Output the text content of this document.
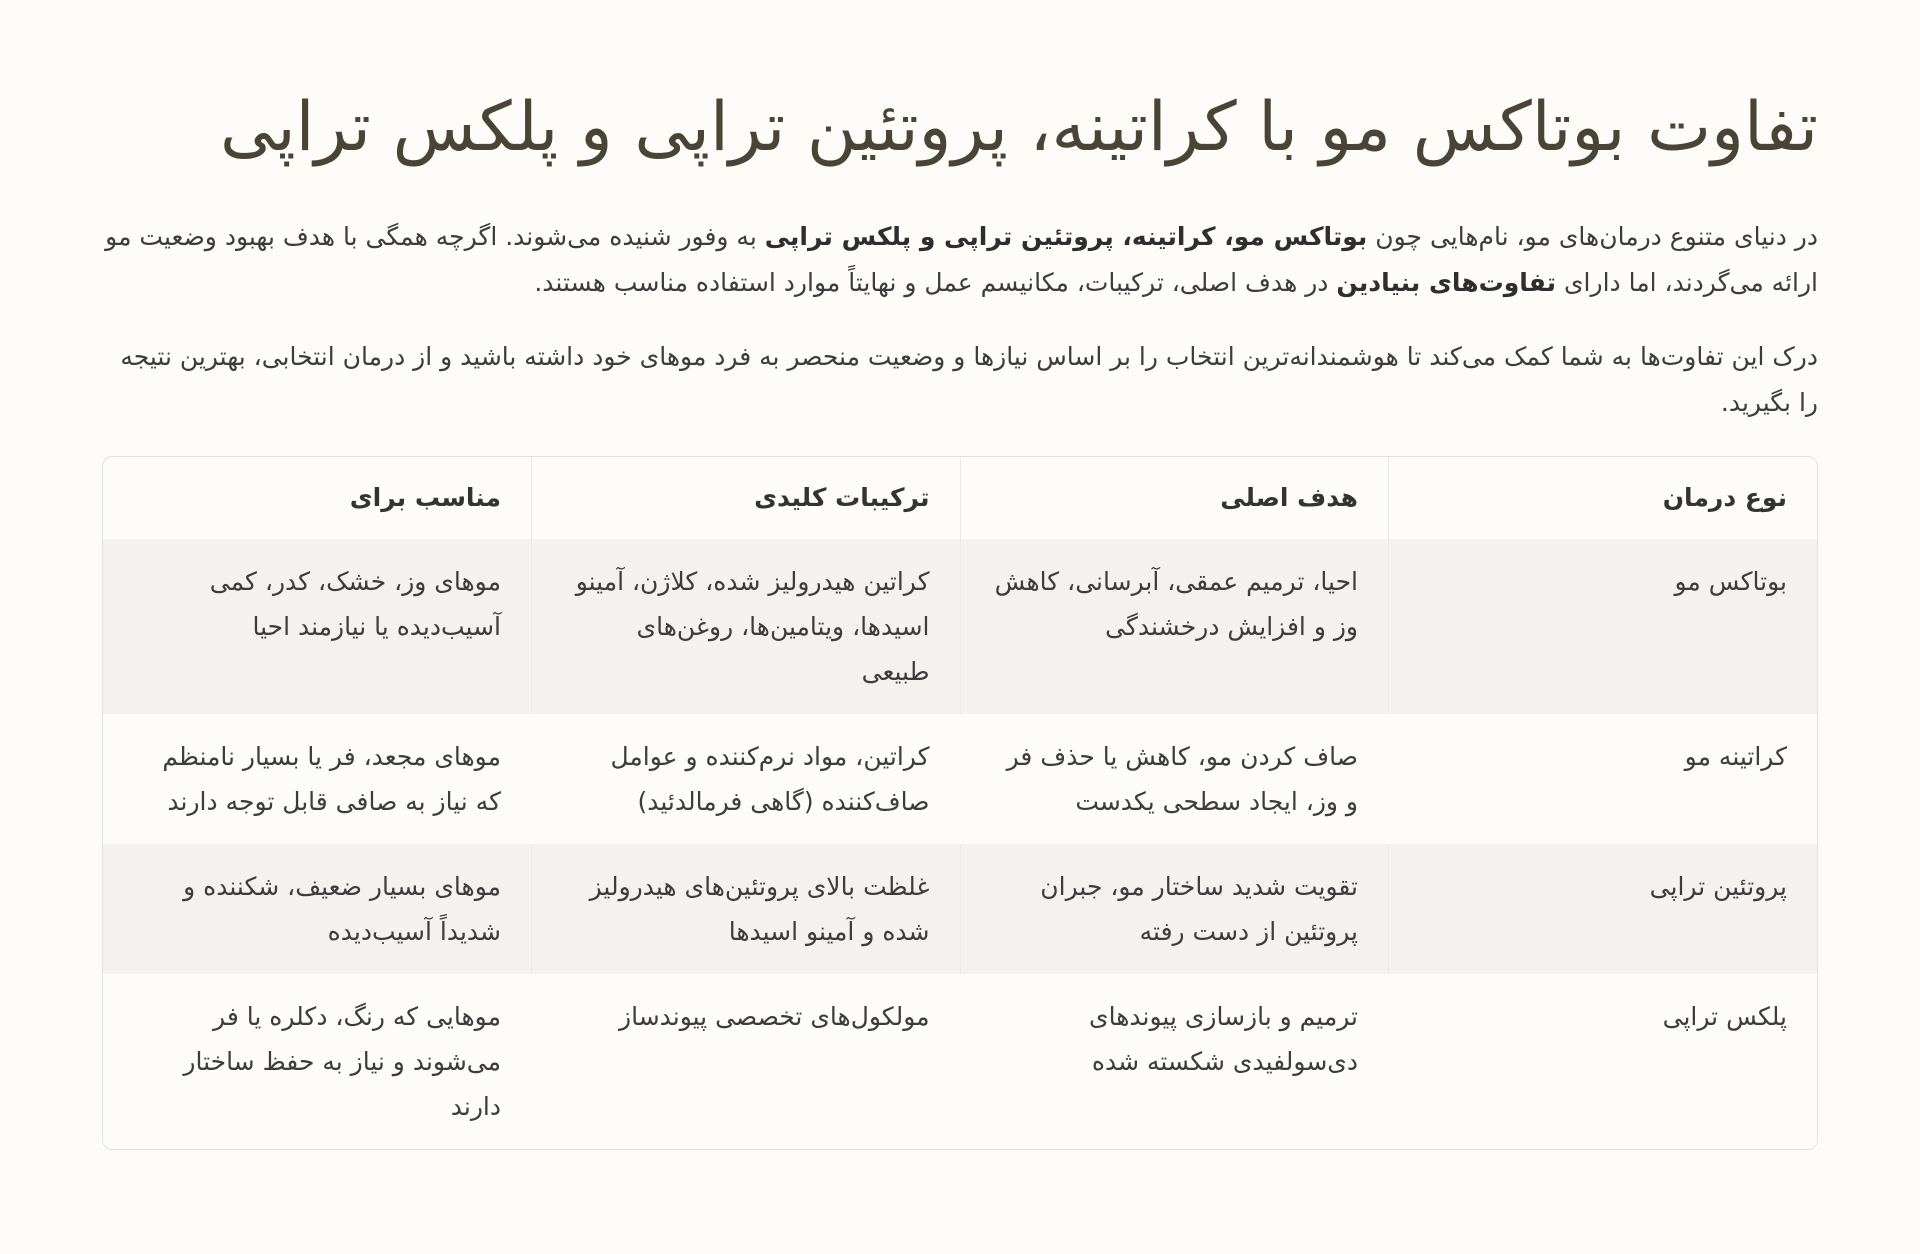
تفاوت بوتاکس مو با کراتینه، پروتئین تراپی و پلکس تراپی

در دنیای متنوع درمان‌های مو، نام‌هایی چون بوتاکس مو، کراتینه، پروتئین تراپی و پلکس تراپی به وفور شنیده می‌شوند. اگرچه همگی با هدف بهبود وضعیت مو ارائه می‌گردند، اما دارای تفاوت‌های بنیادین در هدف اصلی، ترکیبات، مکانیسم عمل و نهایتاً موارد استفاده مناسب هستند.

درک این تفاوت‌ها به شما کمک می‌کند تا هوشمندانه‌ترین انتخاب را بر اساس نیازها و وضعیت منحصر به فرد موهای خود داشته باشید و از درمان انتخابی، بهترین نتیجه را بگیرید.

نوع درمان	هدف اصلی	ترکیبات کلیدی	مناسب برای
بوتاکس مو	احیا، ترمیم عمقی، آبرسانی، کاهش وز و افزایش درخشندگی	کراتین هیدرولیز شده، کلاژن، آمینو اسیدها، ویتامین‌ها، روغن‌های طبیعی	موهای وز، خشک، کدر، کمی آسیب‌دیده یا نیازمند احیا
کراتینه مو	صاف کردن مو، کاهش یا حذف فر و وز، ایجاد سطحی یکدست	کراتین، مواد نرم‌کننده و عوامل صاف‌کننده (گاهی فرمالدئید)	موهای مجعد، فر یا بسیار نامنظم که نیاز به صافی قابل توجه دارند
پروتئین تراپی	تقویت شدید ساختار مو، جبران پروتئین از دست رفته	غلظت بالای پروتئین‌های هیدرولیز شده و آمینو اسیدها	موهای بسیار ضعیف، شکننده و شدیداً آسیب‌دیده
پلکس تراپی	ترمیم و بازسازی پیوندهای دی‌سولفیدی شکسته شده	مولکول‌های تخصصی پیوندساز	موهایی که رنگ، دکلره یا فر می‌شوند و نیاز به حفظ ساختار دارند
